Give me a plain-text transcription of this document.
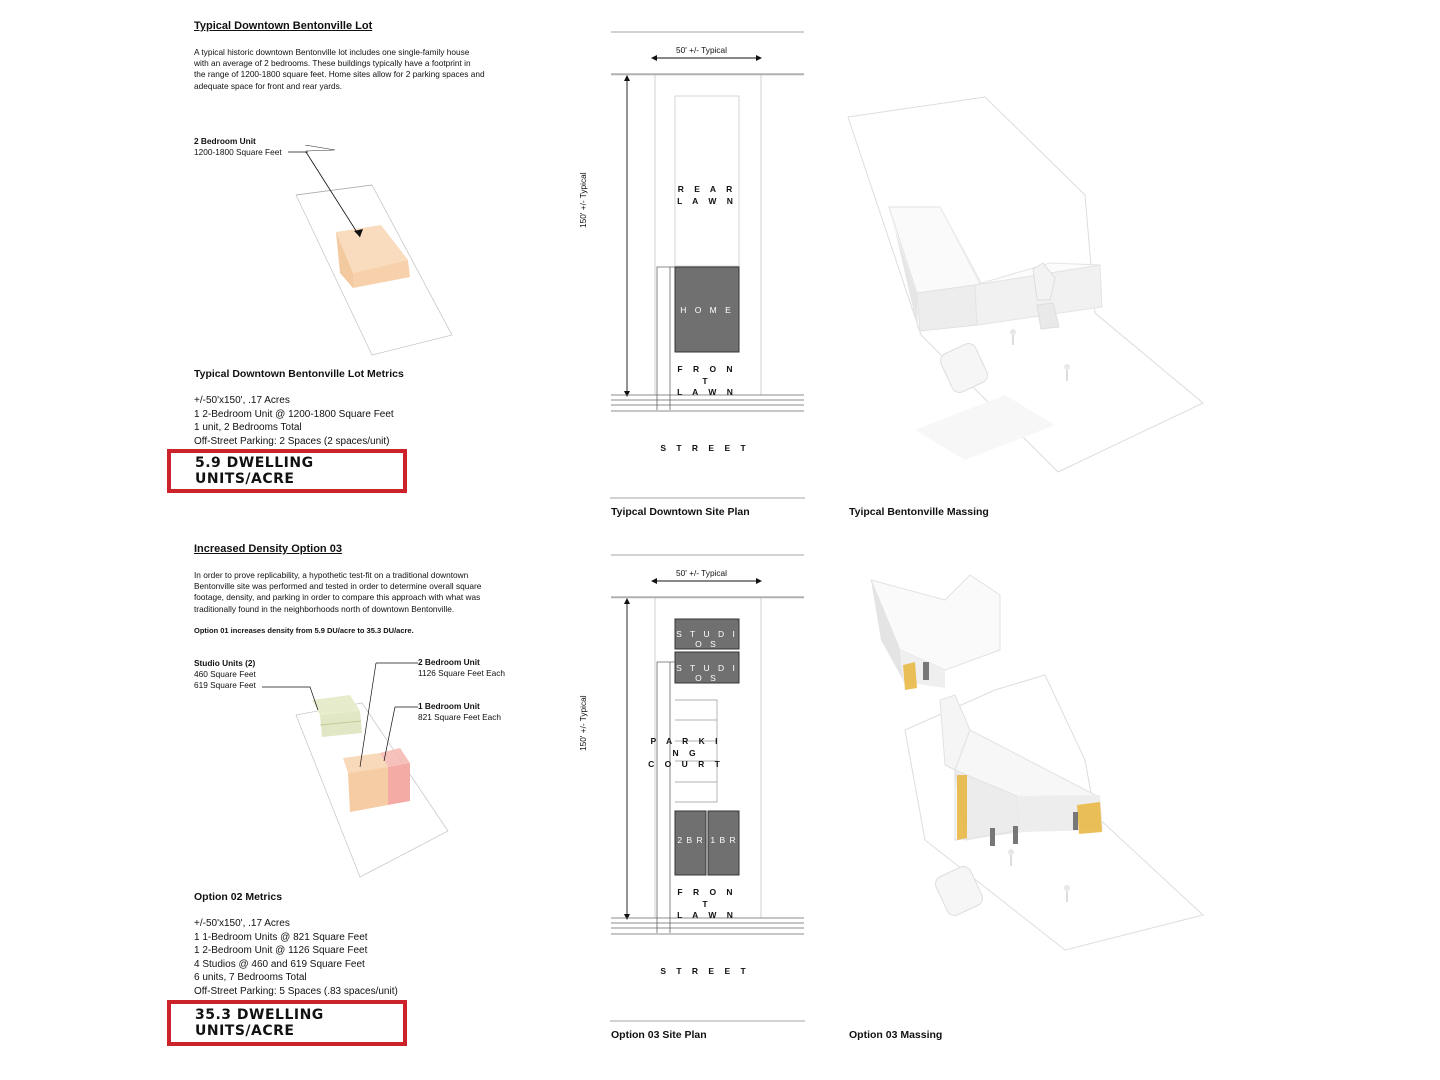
Typical Downtown Bentonville Lot
A typical historic downtown Bentonville lot includes one single-family house
with an average of 2 bedrooms. These buildings typically have a footprint in
the range of 1200-1800 square feet. Home sites allow for 2 parking spaces and
adequate space for front and rear yards.
2 Bedroom Unit
1200-1800 Square Feet
Typical Downtown Bentonville Lot Metrics
+/-50'x150', .17 Acres
1 2-Bedroom Unit @ 1200-1800 Square Feet
1 unit, 2 Bedrooms Total
Off-Street Parking: 2 Spaces (2 spaces/unit)
5.9 DWELLING UNITS/ACRE
50' +/- Typical
150' +/- Typical	R E A R
L A W N
H O M E
F R O N T
L A W N
S T R E E T
Tyipcal Downtown Site Plan	Tyipcal Bentonville Massing
Increased Density Option 03
In order to prove replicability, a hypothetic test-fit on a traditional downtown
Bentonville site was performed and tested in order to determine overall square
footage, density, and parking in order to compare this approach with what was
traditionally found in the neighborhoods north of downtown Bentonville.
Option 01 increases density from 5.9 DU/acre to 35.3 DU/acre.
Studio Units (2)
460 Square Feet
619 Square Feet
2 Bedroom Unit
1126 Square Feet Each
1 Bedroom Unit
821 Square Feet Each
Option 02 Metrics
+/-50'x150', .17 Acres
1 1-Bedroom Units @ 821 Square Feet
1 2-Bedroom Unit @ 1126 Square Feet
4 Studios @ 460 and 619 Square Feet
6 units, 7 Bedrooms Total
Off-Street Parking: 5 Spaces (.83 spaces/unit)
35.3 DWELLING UNITS/ACRE
50' +/- Typical
150' +/- Typical
S T U D I O S
S T U D I O S
P A R K I N G
C O U R T
2 B R 1 B R
F R O N T
L A W N
S T R E E T
Option 03 Site Plan	Option 03 Massing
